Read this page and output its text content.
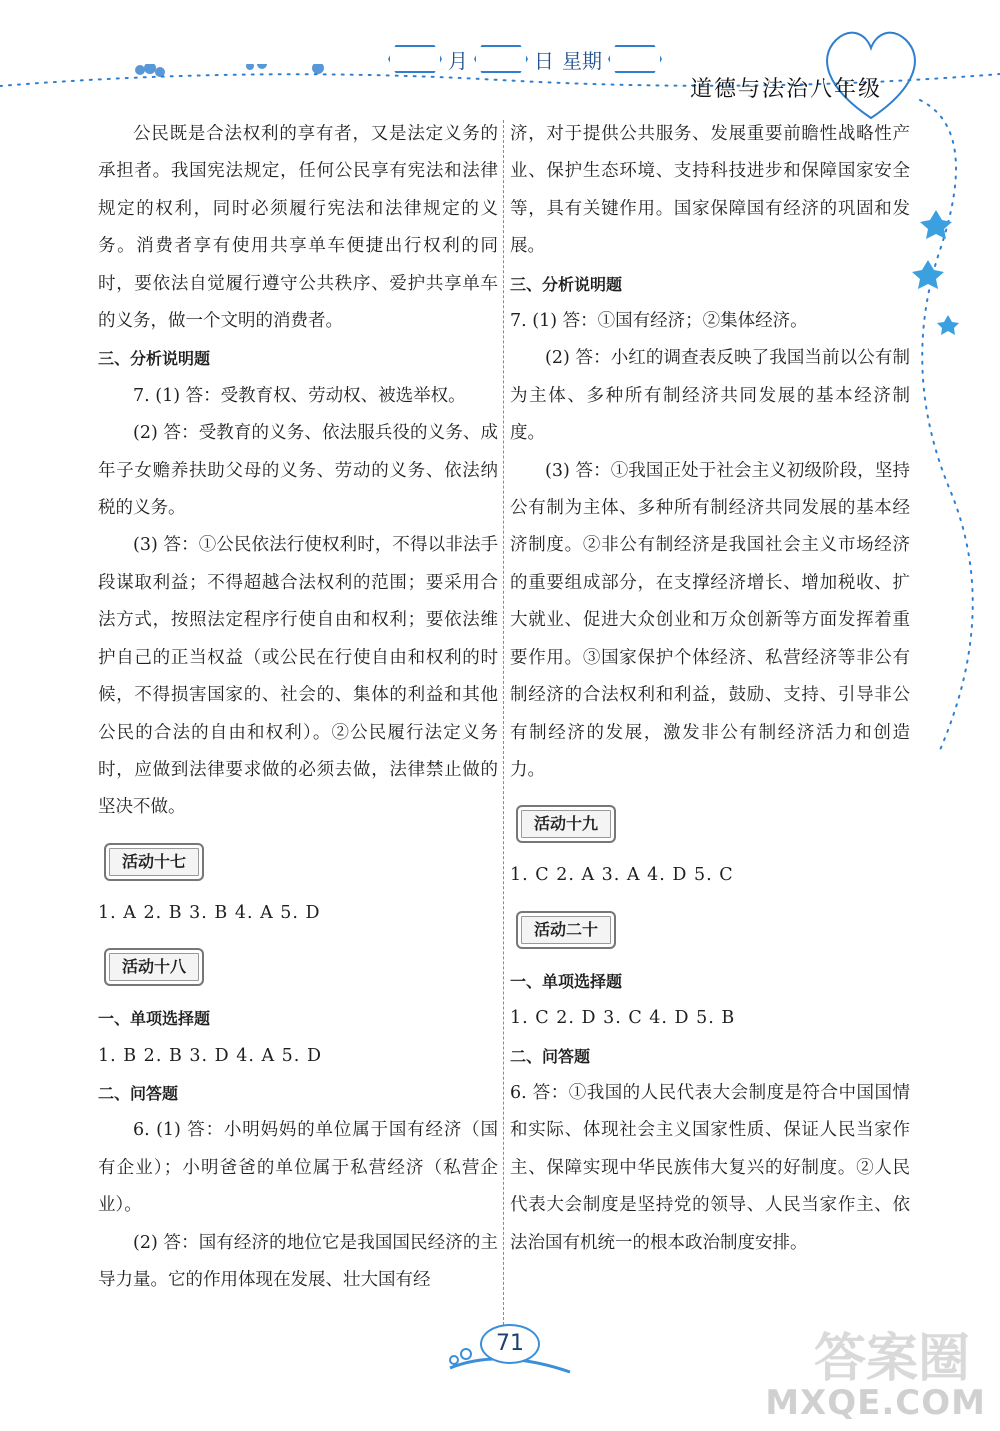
月	日 星期
道德与法治八年级

公民既是合法权利的享有者，又是法定义务的承担者。我国宪法规定，任何公民享有宪法和法律规定的权利，同时必须履行宪法和法律规定的义务。消费者享有使用共享单车便捷出行权利的同时，要依法自觉履行遵守公共秩序、爱护共享单车的义务，做一个文明的消费者。

三、分析说明题

7. (1) 答：受教育权、劳动权、被选举权。

(2) 答：受教育的义务、依法服兵役的义务、成年子女赡养扶助父母的义务、劳动的义务、依法纳税的义务。

(3) 答：①公民依法行使权利时，不得以非法手段谋取利益；不得超越合法权利的范围；要采用合法方式，按照法定程序行使自由和权利；要依法维护自己的正当权益（或公民在行使自由和权利的时候，不得损害国家的、社会的、集体的利益和其他公民的合法的自由和权利）。②公民履行法定义务时，应做到法律要求做的必须去做，法律禁止做的坚决不做。

活动十七

1. A 2. B 3. B 4. A 5. D

活动十八

一、单项选择题

1. B 2. B 3. D 4. A 5. D

二、问答题

6. (1) 答：小明妈妈的单位属于国有经济（国有企业）；小明爸爸的单位属于私营经济（私营企业）。

(2) 答：国有经济的地位它是我国国民经济的主导力量。它的作用体现在发展、壮大国有经

济，对于提供公共服务、发展重要前瞻性战略性产业、保护生态环境、支持科技进步和保障国家安全等，具有关键作用。国家保障国有经济的巩固和发展。

三、分析说明题

7. (1) 答：①国有经济；②集体经济。

(2) 答：小红的调查表反映了我国当前以公有制为主体、多种所有制经济共同发展的基本经济制度。

(3) 答：①我国正处于社会主义初级阶段，坚持公有制为主体、多种所有制经济共同发展的基本经济制度。②非公有制经济是我国社会主义市场经济的重要组成部分，在支撑经济增长、增加税收、扩大就业、促进大众创业和万众创新等方面发挥着重要作用。③国家保护个体经济、私营经济等非公有制经济的合法权利和利益，鼓励、支持、引导非公有制经济的发展，激发非公有制经济活力和创造力。

活动十九

1. C 2. A 3. A 4. D 5. C

活动二十

一、单项选择题

1. C 2. D 3. C 4. D 5. B

二、问答题

6. 答：①我国的人民代表大会制度是符合中国国情和实际、体现社会主义国家性质、保证人民当家作主、保障实现中华民族伟大复兴的好制度。②人民代表大会制度是坚持党的领导、人民当家作主、依法治国有机统一的根本政治制度安排。

71	答案圈
MXQE.COM
